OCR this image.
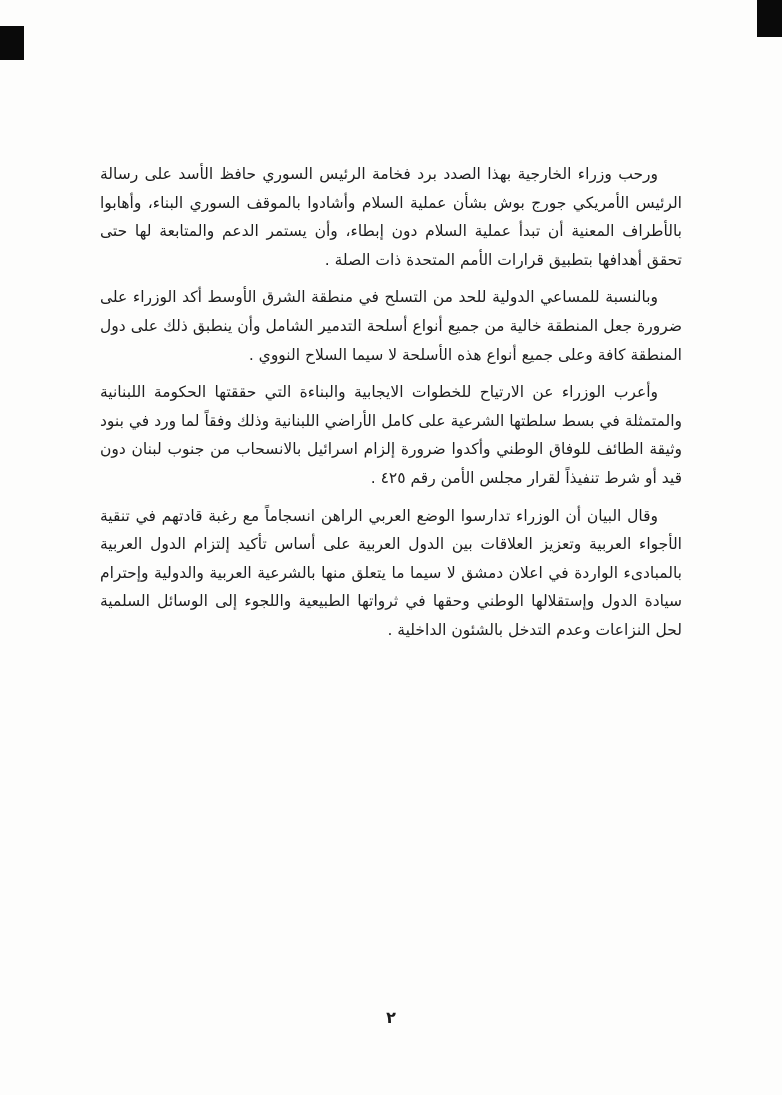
ورحب وزراء الخارجية بهذا الصدد برد فخامة الرئيس السوري حافظ الأسد على رسالة الرئيس الأمريكي جورج بوش بشأن عملية السلام وأشادوا بالموقف السوري البناء، وأهابوا بالأطراف المعنية أن تبدأ عملية السلام دون إبطاء، وأن يستمر الدعم والمتابعة لها حتى تحقق أهدافها بتطبيق قرارات الأمم المتحدة ذات الصلة .

وبالنسبة للمساعي الدولية للحد من التسلح في منطقة الشرق الأوسط أكد الوزراء على ضرورة جعل المنطقة خالية من جميع أنواع أسلحة التدمير الشامل وأن ينطبق ذلك على دول المنطقة كافة وعلى جميع أنواع هذه الأسلحة لا سيما السلاح النووي .

وأعرب الوزراء عن الارتياح للخطوات الايجابية والبناءة التي حققتها الحكومة اللبنانية والمتمثلة في بسط سلطتها الشرعية على كامل الأراضي اللبنانية وذلك وفقاً لما ورد في بنود وثيقة الطائف للوفاق الوطني وأكدوا ضرورة إلزام اسرائيل بالانسحاب من جنوب لبنان دون قيد أو شرط تنفيذاً لقرار مجلس الأمن رقم ٤٢٥ .

وقال البيان أن الوزراء تدارسوا الوضع العربي الراهن انسجاماً مع رغبة قادتهم في تنقية الأجواء العربية وتعزيز العلاقات بين الدول العربية على أساس تأكيد إلتزام الدول العربية بالمبادىء الواردة في اعلان دمشق لا سيما ما يتعلق منها بالشرعية العربية والدولية وإحترام سيادة الدول وإستقلالها الوطني وحقها في ثرواتها الطبيعية واللجوء إلى الوسائل السلمية لحل النزاعات وعدم التدخل بالشئون الداخلية .

٢
